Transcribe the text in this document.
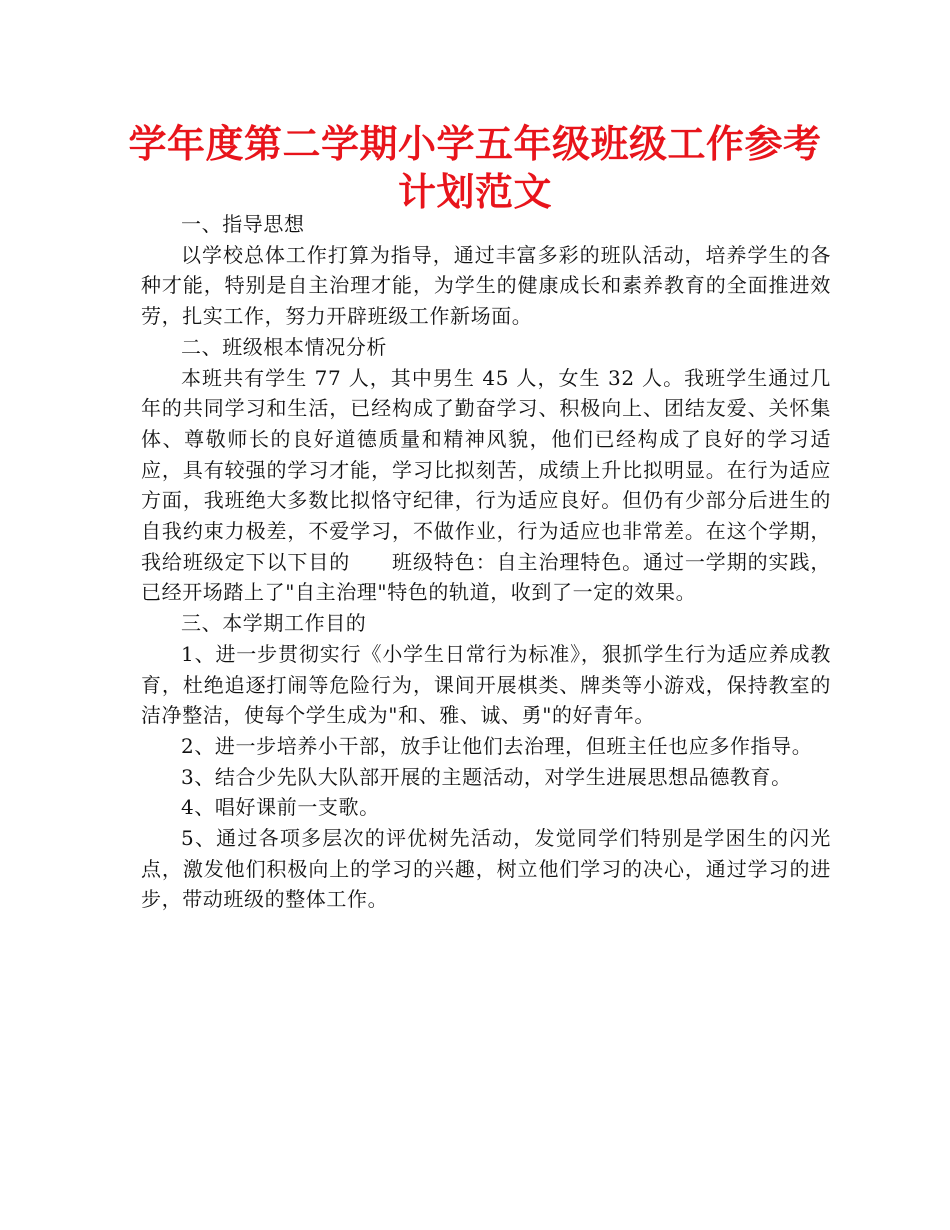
学年度第二学期小学五年级班级工作参考
计划范文

一、指导思想

以学校总体工作打算为指导，通过丰富多彩的班队活动，培养学生的各种才能，特别是自主治理才能，为学生的健康成长和素养教育的全面推进效劳，扎实工作，努力开辟班级工作新场面。

二、班级根本情况分析

本班共有学生 77 人，其中男生 45 人，女生 32 人。我班学生通过几年的共同学习和生活，已经构成了勤奋学习、积极向上、团结友爱、关怀集体、尊敬师长的良好道德质量和精神风貌，他们已经构成了良好的学习适应，具有较强的学习才能，学习比拟刻苦，成绩上升比拟明显。在行为适应方面，我班绝大多数比拟恪守纪律，行为适应良好。但仍有少部分后进生的自我约束力极差，不爱学习，不做作业，行为适应也非常差。在这个学期，我给班级定下以下目的　　班级特色：自主治理特色。通过一学期的实践，已经开场踏上了"自主治理"特色的轨道，收到了一定的效果。

三、本学期工作目的

1、进一步贯彻实行《小学生日常行为标准》，狠抓学生行为适应养成教育，杜绝追逐打闹等危险行为，课间开展棋类、牌类等小游戏，保持教室的洁净整洁，使每个学生成为"和、雅、诚、勇"的好青年。

2、进一步培养小干部，放手让他们去治理，但班主任也应多作指导。

3、结合少先队大队部开展的主题活动，对学生进展思想品德教育。

4、唱好课前一支歌。

5、通过各项多层次的评优树先活动，发觉同学们特别是学困生的闪光点，激发他们积极向上的学习的兴趣，树立他们学习的决心，通过学习的进步，带动班级的整体工作。
